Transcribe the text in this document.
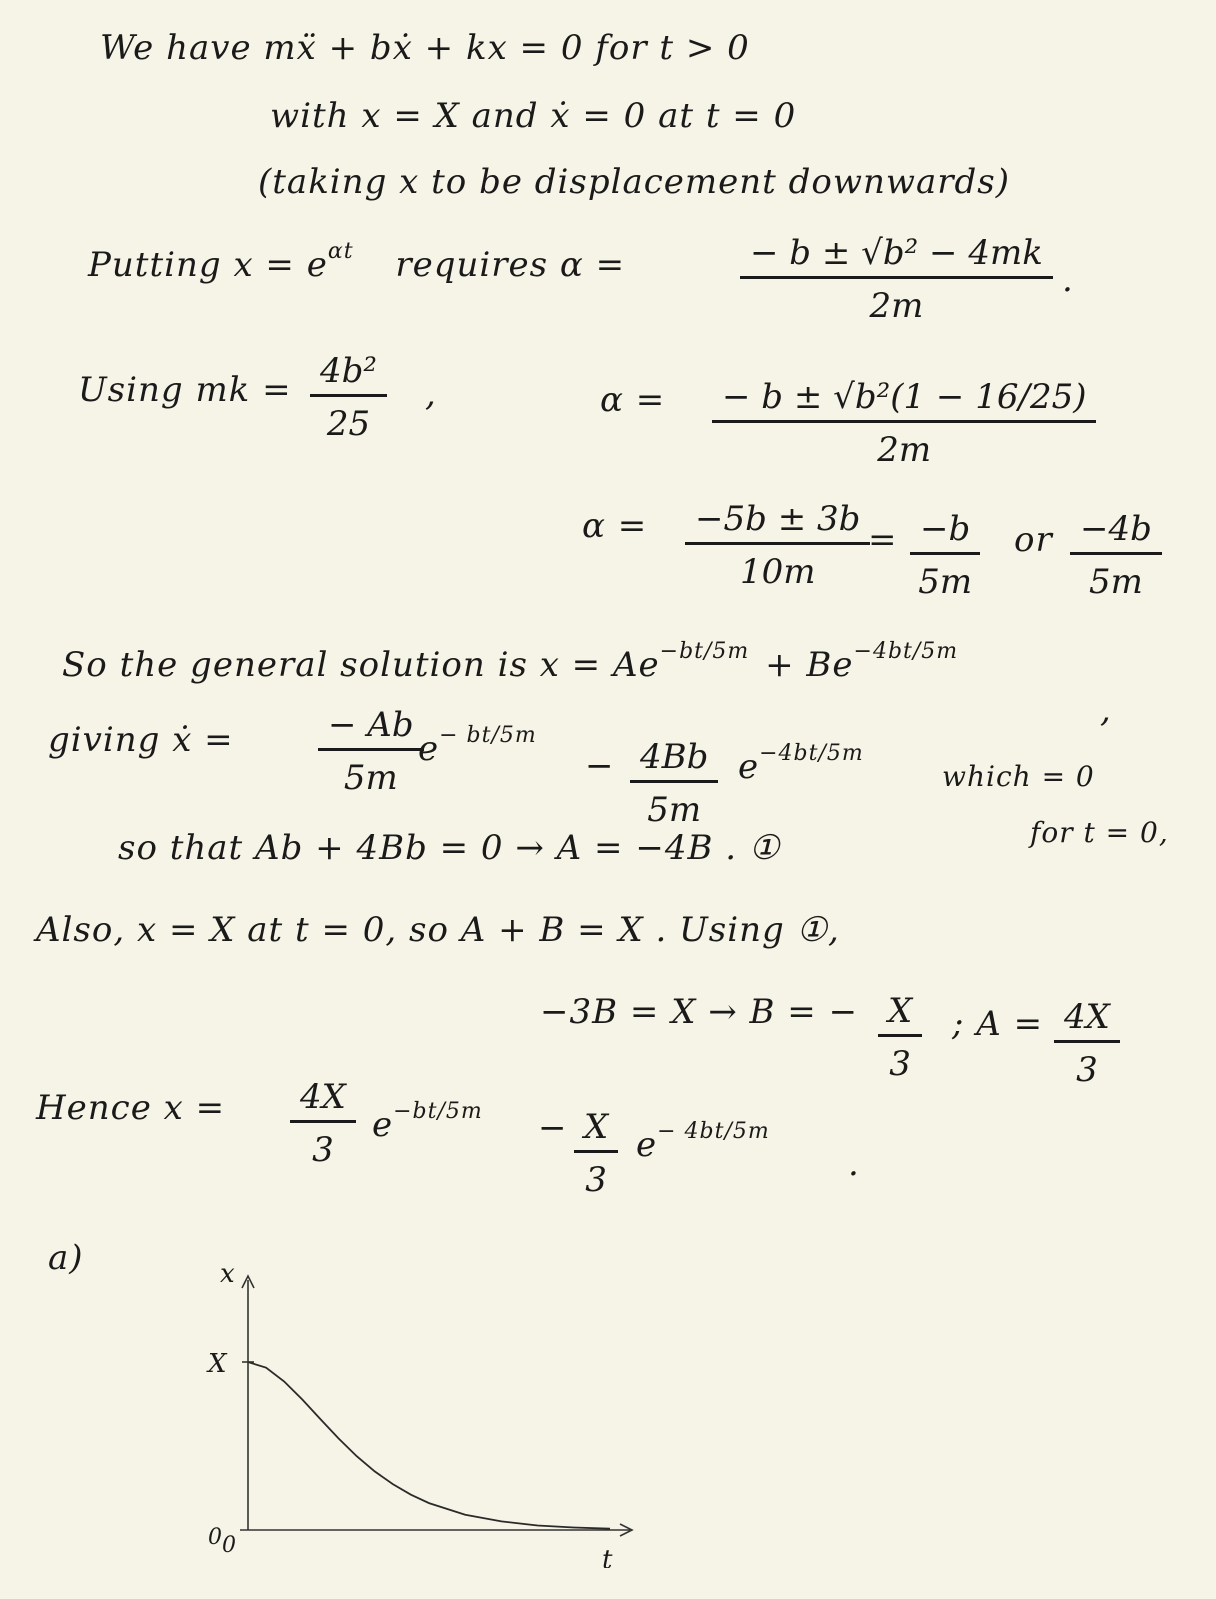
We have mẍ + bẋ + kx = 0 for t > 0
with x = X and ẋ = 0 at t = 0
(taking x to be displacement downwards)
Putting $x = e^{\alpha t}$ requires α =	$\frac{\text{− b ± √b² − 4mk}}{2m}$ .
Using mk = $\frac{\text{4b²}}{25}$ ,	$\alpha = \frac{\text{− b ± √b²(1 − 16/25)}}{2m}$
$\alpha = \frac{-5b \pm 3b}{10m}$
= $\frac{-b}{5m}$ or $\frac{-4b}{5m}$
So the general solution is $x = Ae^{-bt/5m} + Be^{-4bt/5m}$
giving ẋ = $\frac{- Ab}{5m}$
$e^{- bt/5m}$
− $\frac{4Bb}{5m} e^{-4bt/5m}$
,
which = 0
for t = 0,
so that Ab + 4Bb = 0 → A = −4B . ①
Also, x = X at t = 0, so A + B = X . Using ①,
−3B = X → B = − $\frac{X}{3}$ ; $A = \frac{4X}{3}$
Hence $x = \frac{4X}{3} e^{-bt/5m} - \frac{X}{3} e^{- 4bt/5m}$
.
a)	x
t
X
0 0
